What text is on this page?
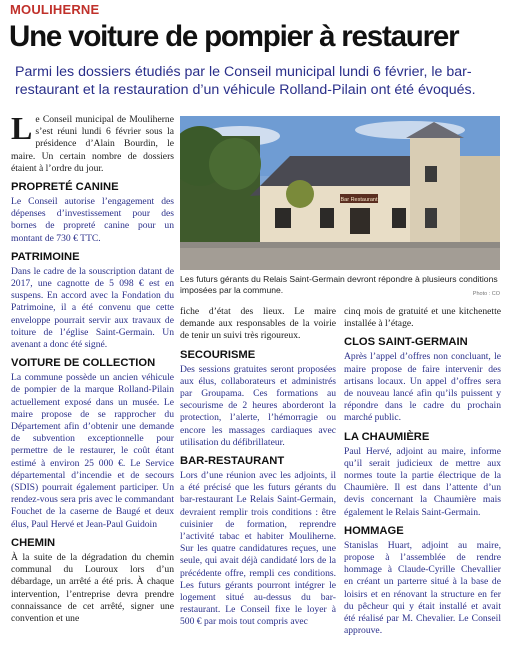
MOULIHERNE
Une voiture de pompier à restaurer
Parmi les dossiers étudiés par le Conseil municipal lundi 6 février, le bar-restaurant et la restauration d’un véhicule Rolland-Pilain ont été évoqués.

Le Conseil municipal de Mouliherne s’est réuni lundi 6 février sous la présidence d’Alain Bourdin, le maire. Un certain nombre de dossiers étaient à l’ordre du jour.

PROPRETÉ CANINE

Le Conseil autorise l’engagement des dépenses d’investissement pour des bornes de propreté canine pour un montant de 730 € TTC.

PATRIMOINE

Dans le cadre de la souscription datant de 2017, une cagnotte de 5 098 € est en suspens. En accord avec la Fondation du Patrimoine, il a été convenu que cette enveloppe pourrait servir aux travaux de toiture de l’église Saint-Germain. Un avenant a donc été signé.

VOITURE DE COLLECTION

La commune possède un ancien véhicule de pompier de la marque Rolland-Pilain actuellement exposé dans un musée. Le maire propose de se rapprocher du Département afin d’obtenir une demande de subvention exceptionnelle pour permettre de le restaurer, le coût étant estimé à environ 25 000 €. Le Service départemental d’incendie et de secours (SDIS) pourrait également participer. Un rendez-vous sera pris avec le commandant Fouchet de la caserne de Baugé et deux élus, Paul Hervé et Jean-Paul Guidoin

CHEMIN

À la suite de la dégradation du chemin communal du Louroux lors d’un débardage, un arrêté a été pris. À chaque intervention, l’entreprise devra prendre connaissance de cet arrêté, signer une convention et une

Bar Restaurant
Les futurs gérants du Relais Saint-Germain devront répondre à plusieurs conditions imposées par la commune.	Photo : CO

fiche d’état des lieux. Le maire demande aux responsables de la voirie de tenir un suivi très rigoureux.

SECOURISME

Des sessions gratuites seront proposées aux élus, collaborateurs et administrés par Groupama. Ces formations au secourisme de 2 heures aborderont la protection, l’alerte, l’hémorragie ou encore les massages cardiaques avec utilisation du défibrillateur.

BAR-RESTAURANT

Lors d’une réunion avec les adjoints, il a été précisé que les futurs gérants du bar-restaurant Le Relais Saint-Germain, devraient remplir trois conditions : être cuisinier de formation, reprendre l’activité tabac et habiter Mouliherne. Sur les quatre candidatures reçues, une seule, qui avait déjà candidaté lors de la précédente offre, rempli ces conditions. Les futurs gérants pourront intégrer le logement situé au-dessus du bar-restaurant. Le Conseil fixe le loyer à 500 € par mois tout compris avec

cinq mois de gratuité et une kitchenette installée à l’étage.

CLOS SAINT-GERMAIN

Après l’appel d’offres non concluant, le maire propose de faire intervenir des artisans locaux. Un appel d’offres sera de nouveau lancé afin qu’ils puissent y répondre dans le cadre du prochain marché public.

LA CHAUMIÈRE

Paul Hervé, adjoint au maire, informe qu’il serait judicieux de mettre aux normes toute la partie électrique de la Chaumière. Il est dans l’attente d’un devis concernant la Chaumière mais également le Relais Saint-Germain.

HOMMAGE

Stanislas Huart, adjoint au maire, propose à l’assemblée de rendre hommage à Claude-Cyrille Chevallier en créant un parterre situé à la base de loisirs et en rénovant la structure en fer du pêcheur qui y était installé et avait été réalisé par M. Chevalier. Le Conseil approuve.
